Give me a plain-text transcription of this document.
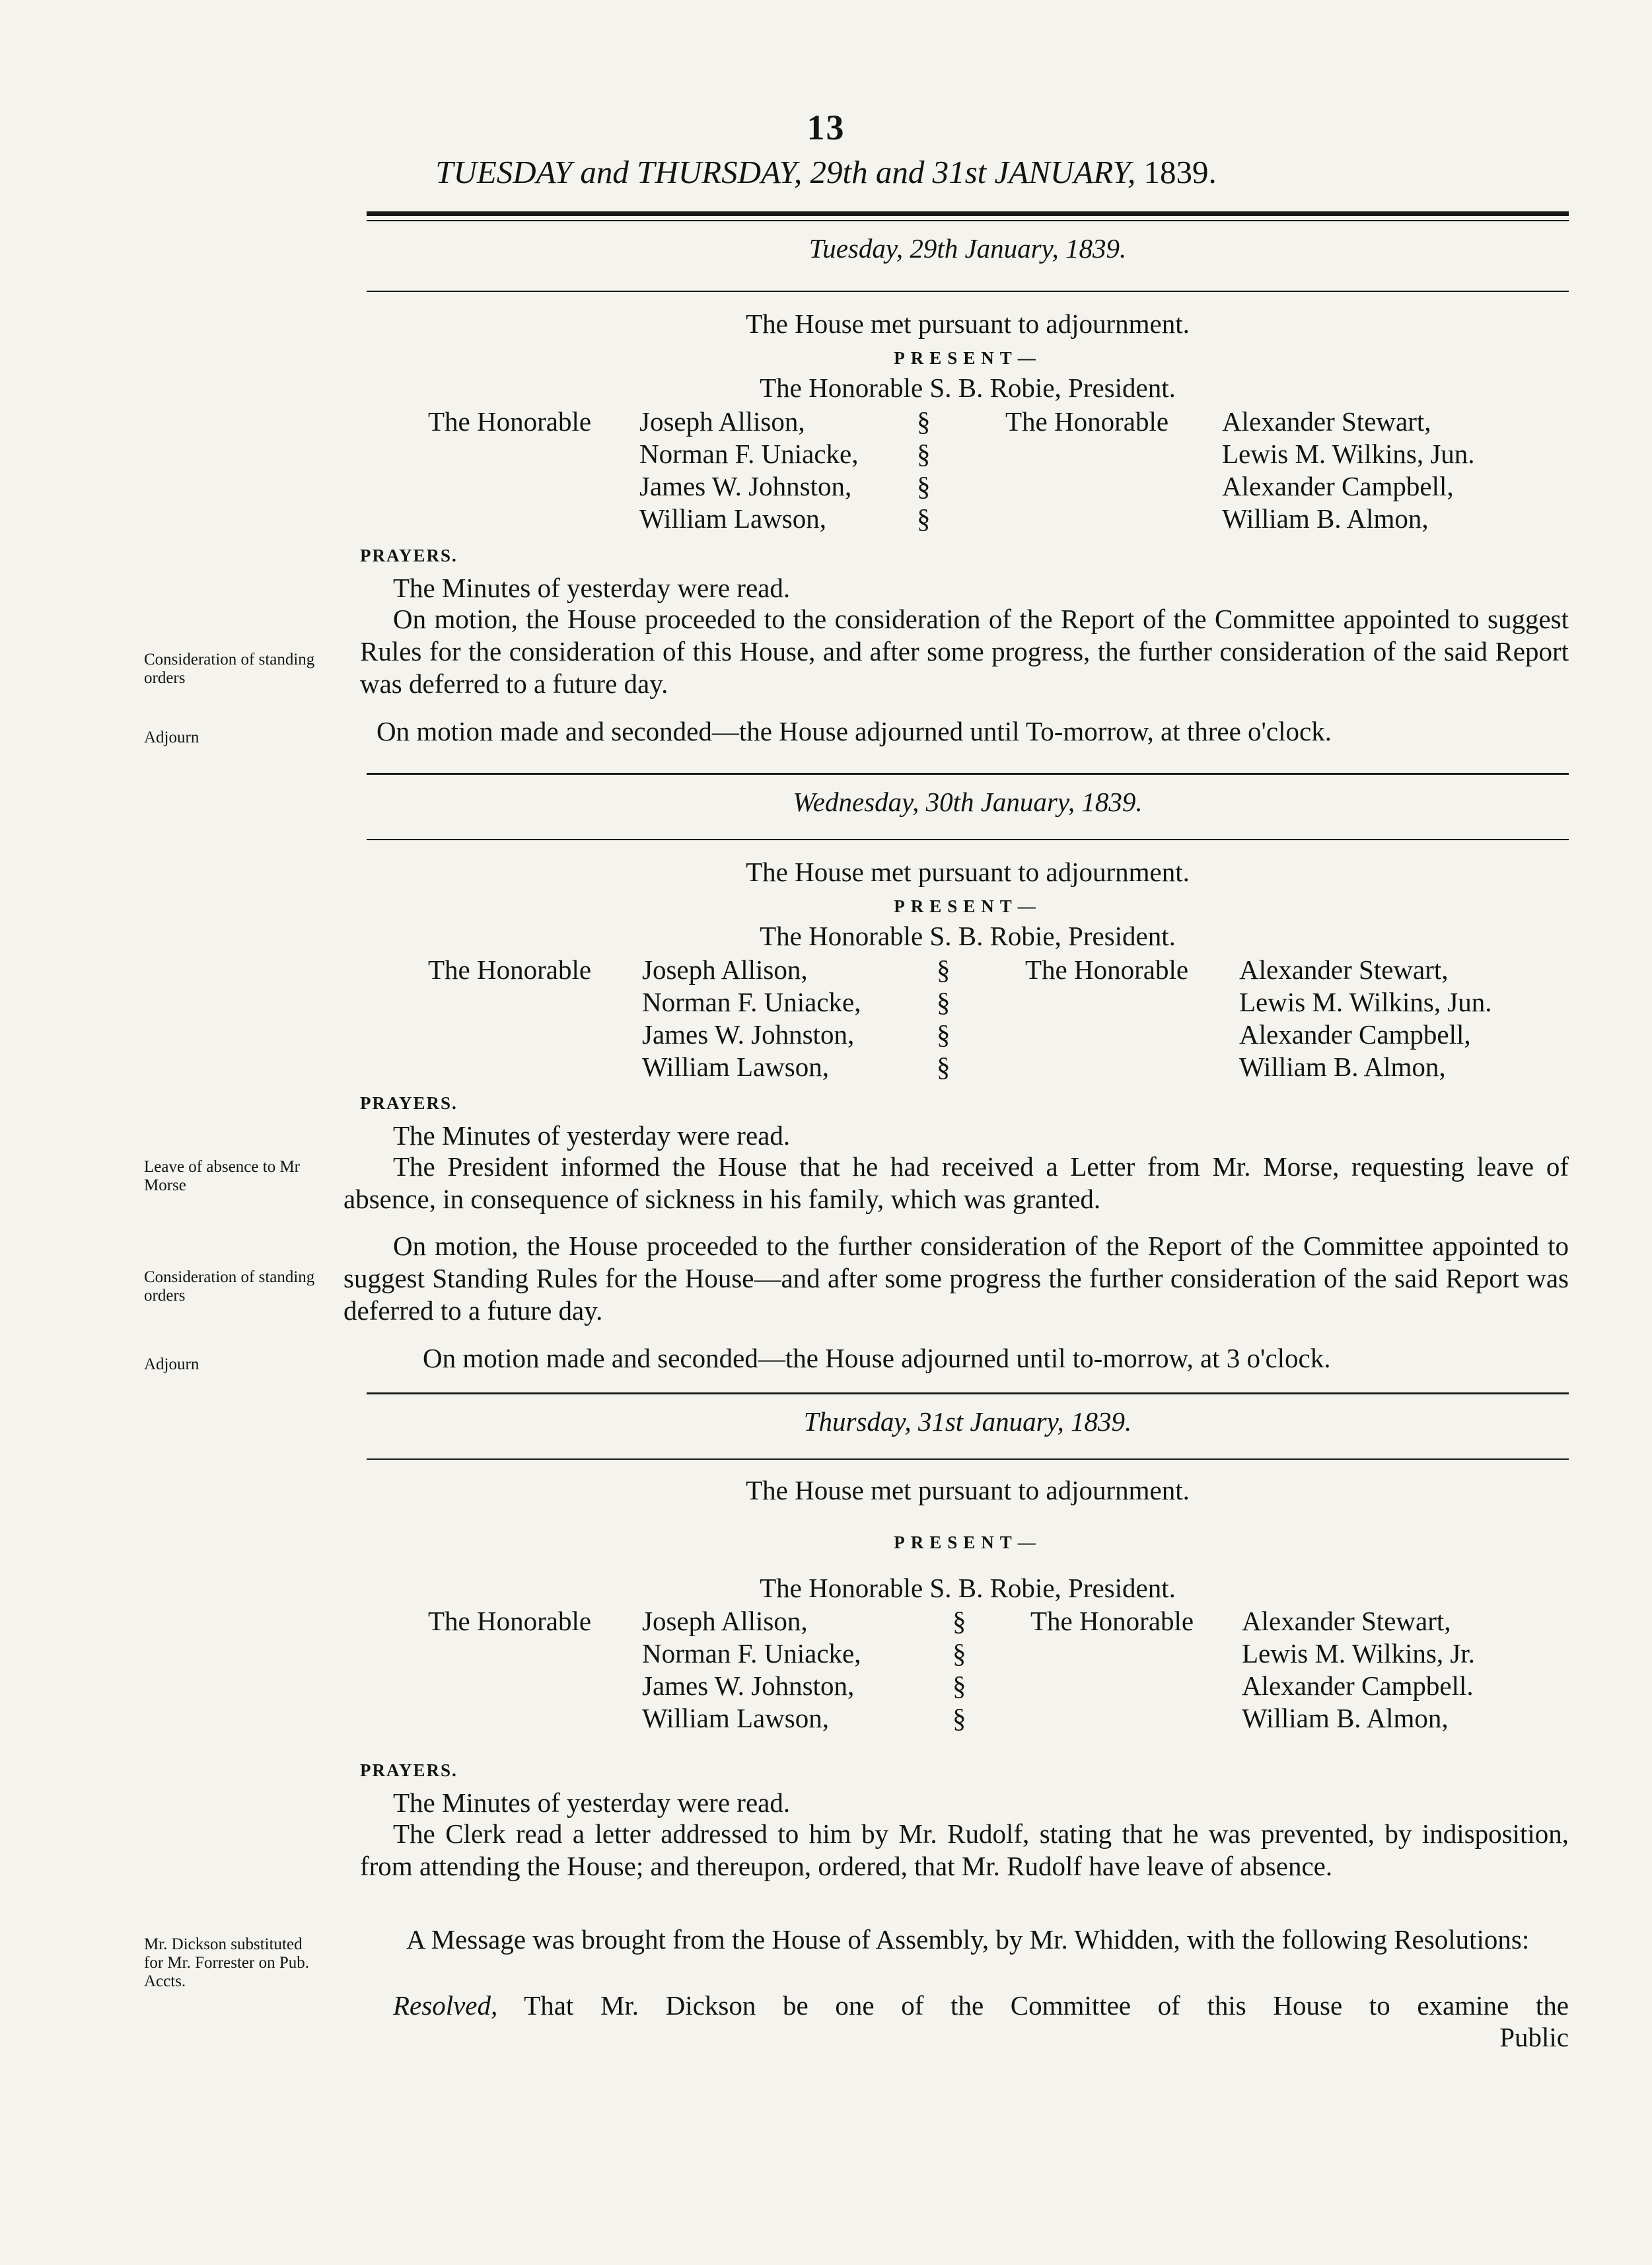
13
TUESDAY and THURSDAY, 29th and 31st JANUARY, 1839.
Tuesday, 29th January, 1839.
The House met pursuant to adjournment.
PRESENT—
The Honorable S. B. Robie, President.
The Honorable Joseph Allison,
Norman F. Uniacke,
James W. Johnston,
William Lawson,
§
§
§
§
The Honorable Alexander Stewart,
Lewis M. Wilkins, Jun.
Alexander Campbell,
William B. Almon,
PRAYERS.
The Minutes of yesterday were read.
On motion, the House proceeded to the consideration of the Report of the Committee appointed to suggest Rules for the consideration of this House, and after some progress, the further consideration of the said Report was deferred to a future day.
On motion made and seconded—the House adjourned until To-morrow, at three o'clock.
Consideration of standing orders
Adjourn
Wednesday, 30th January, 1839.
The House met pursuant to adjournment.
PRESENT—
The Honorable S. B. Robie, President.
The Honorable Joseph Allison,
Norman F. Uniacke,
James W. Johnston,
William Lawson,
§
§
§
§
The Honorable Alexander Stewart,
Lewis M. Wilkins, Jun.
Alexander Campbell,
William B. Almon,
PRAYERS.
The Minutes of yesterday were read.
The President informed the House that he had received a Letter from Mr. Morse, requesting leave of absence, in consequence of sickness in his family, which was granted.
On motion, the House proceeded to the further consideration of the Report of the Committee appointed to suggest Standing Rules for the House—and after some progress the further consideration of the said Report was deferred to a future day.
On motion made and seconded—the House adjourned until to-morrow, at 3 o'clock.
Leave of absence to Mr Morse
Consideration of standing orders
Adjourn
Thursday, 31st January, 1839.
The House met pursuant to adjournment.
PRESENT—
The Honorable S. B. Robie, President.
The Honorable Joseph Allison,
Norman F. Uniacke,
James W. Johnston,
William Lawson,
§
§
§
§
The Honorable Alexander Stewart,
Lewis M. Wilkins, Jr.
Alexander Campbell.
William B. Almon,
PRAYERS.
The Minutes of yesterday were read.
The Clerk read a letter addressed to him by Mr. Rudolf, stating that he was prevented, by indisposition, from attending the House; and thereupon, ordered, that Mr. Rudolf have leave of absence.
A Message was brought from the House of Assembly, by Mr. Whidden, with the following Resolutions:
Resolved, That Mr. Dickson be one of the Committee of this House to examine the
Public
Mr. Dickson substituted for Mr. Forrester on Pub. Accts.
